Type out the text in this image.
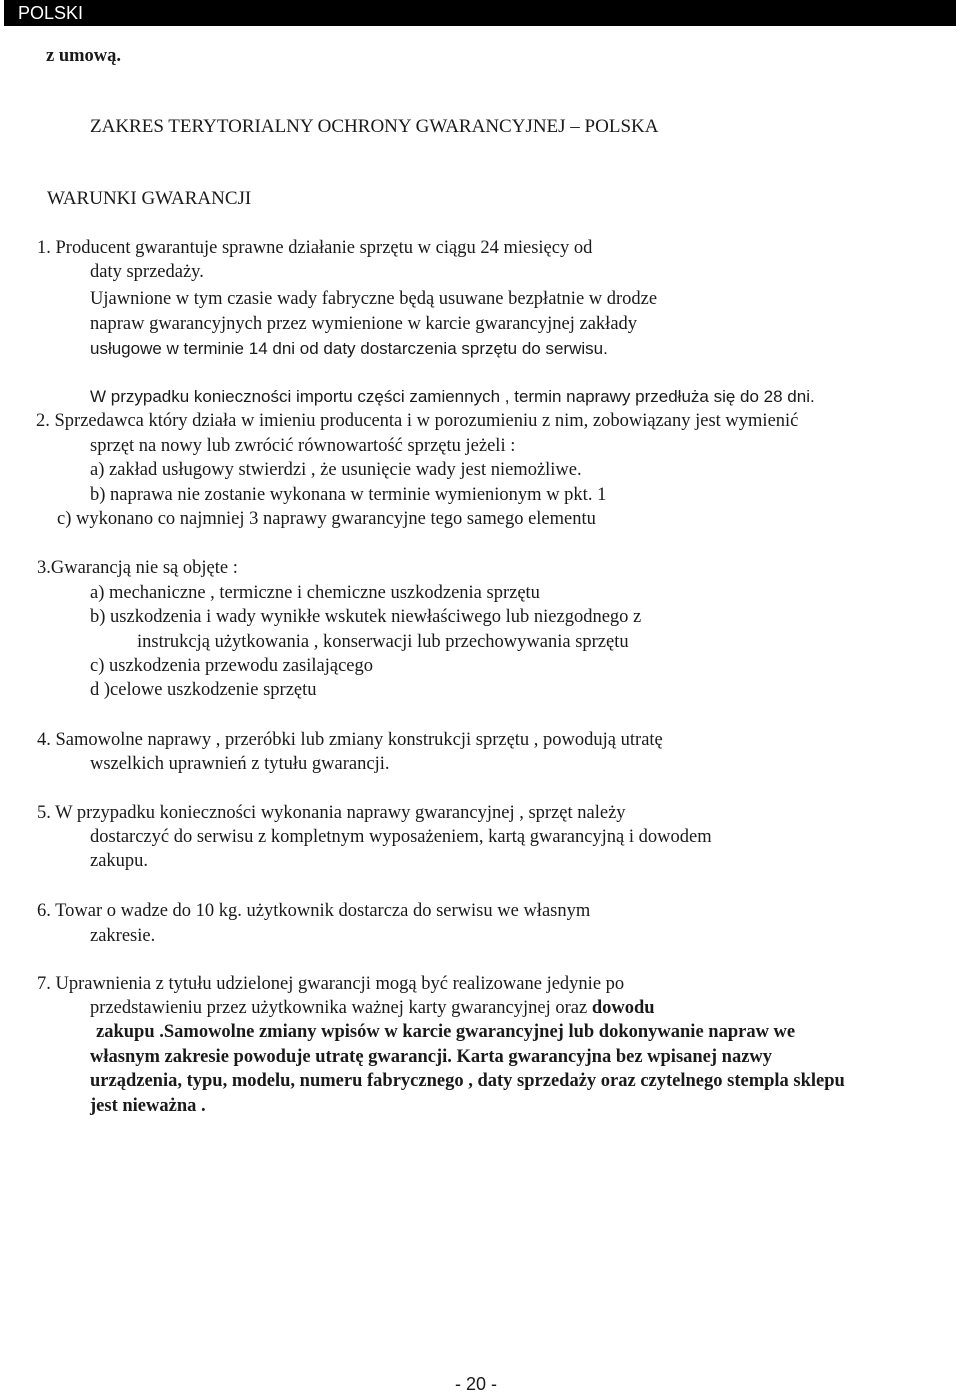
POLSKI
z umową.
ZAKRES TERYTORIALNY OCHRONY GWARANCYJNEJ – POLSKA
WARUNKI GWARANCJI
1. Producent gwarantuje sprawne działanie sprzętu w ciągu 24 miesięcy od
daty sprzedaży.
Ujawnione w tym czasie wady fabryczne będą usuwane bezpłatnie w drodze
napraw gwarancyjnych przez wymienione w karcie gwarancyjnej zakłady
usługowe w terminie 14 dni od daty dostarczenia sprzętu do serwisu.
W przypadku konieczności importu części zamiennych , termin naprawy przedłuża się do 28 dni.
2. Sprzedawca który działa w imieniu producenta i w porozumieniu z nim, zobowiązany jest wymienić
sprzęt na nowy lub zwrócić równowartość sprzętu jeżeli :
a) zakład usługowy stwierdzi , że usunięcie wady jest niemożliwe.
b) naprawa nie zostanie wykonana w terminie wymienionym w pkt. 1
c) wykonano co najmniej 3 naprawy gwarancyjne tego samego elementu
3.Gwarancją nie są objęte :
a) mechaniczne , termiczne i chemiczne uszkodzenia sprzętu
b) uszkodzenia i wady wynikłe wskutek niewłaściwego lub niezgodnego z
instrukcją użytkowania , konserwacji lub przechowywania sprzętu
c) uszkodzenia przewodu zasilającego
d )celowe uszkodzenie sprzętu
4. Samowolne naprawy , przeróbki lub zmiany konstrukcji sprzętu , powodują utratę
wszelkich uprawnień z tytułu gwarancji.
5. W przypadku konieczności wykonania naprawy gwarancyjnej , sprzęt należy
dostarczyć do serwisu z kompletnym wyposażeniem, kartą gwarancyjną i dowodem
zakupu.
6. Towar o wadze do 10 kg. użytkownik dostarcza do serwisu we własnym
zakresie.
7. Uprawnienia z tytułu udzielonej gwarancji mogą być realizowane jedynie po
przedstawieniu przez użytkownika ważnej karty gwarancyjnej oraz dowodu
zakupu .Samowolne zmiany wpisów w karcie gwarancyjnej lub dokonywanie napraw we
własnym zakresie powoduje utratę gwarancji. Karta gwarancyjna bez wpisanej nazwy
urządzenia, typu, modelu, numeru fabrycznego , daty sprzedaży oraz czytelnego stempla sklepu
jest nieważna .
- 20 -
